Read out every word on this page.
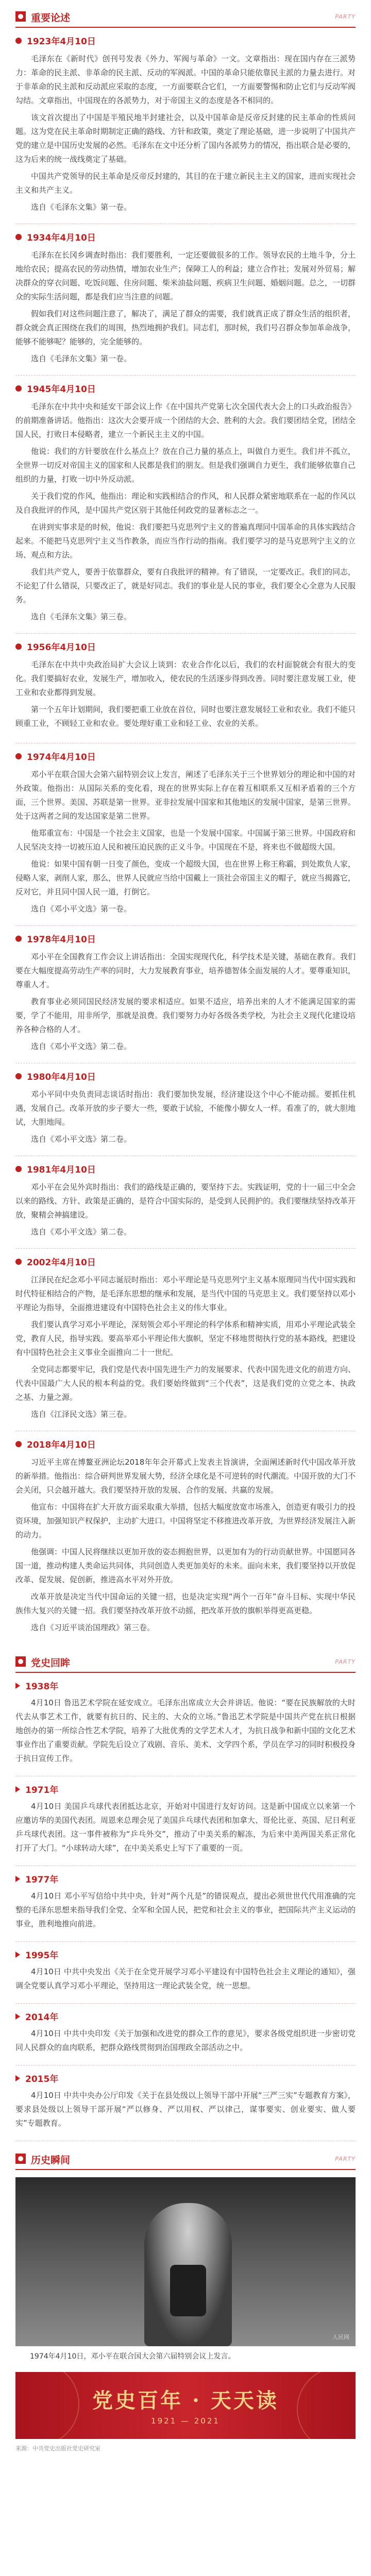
重要论述	PARTY
1923年4月10日

毛泽东在《新时代》创刊号发表《外力、军阀与革命》一文。文章指出：现在国内存在三派势力：革命的民主派、非革命的民主派、反动的军阀派。中国的革命只能依靠民主派的力量去进行。对于非革命的民主派和反动派应采取的态度，一方面要联合它们，一方面要警惕和防止它们与反动军阀勾结。文章指出，中国现在的各派势力，对于帝国主义的态度是各不相同的。

该文首次提出了中国是半殖民地半封建社会，以及中国革命是反帝反封建的民主革命的性质问题。这为党在民主革命时期制定正确的路线、方针和政策，奠定了理论基础，进一步说明了中国共产党的建立是中国历史发展的必然。毛泽东在文中还分析了国内各派势力的情况，指出联合是必要的，这为后来的统一战线奠定了基础。

中国共产党领导的民主革命是反帝反封建的，其目的在于建立新民主主义的国家，进而实现社会主义和共产主义。

选自《毛泽东文集》第一卷。

1934年4月10日

毛泽东在长冈乡调查时指出：我们要胜利，一定还要做很多的工作。领导农民的土地斗争，分土地给农民；提高农民的劳动热情，增加农业生产；保障工人的利益；建立合作社；发展对外贸易；解决群众的穿衣问题、吃饭问题、住房问题、柴米油盐问题、疾病卫生问题、婚姻问题。总之，一切群众的实际生活问题，都是我们应当注意的问题。

假如我们对这些问题注意了，解决了，满足了群众的需要，我们就真正成了群众生活的组织者，群众就会真正围绕在我们的周围，热烈地拥护我们。同志们，那时候，我们号召群众参加革命战争，能够不能够呢？能够的，完全能够的。

选自《毛泽东文集》第一卷。

1945年4月10日

毛泽东在中共中央和延安干部会议上作《在中国共产党第七次全国代表大会上的口头政治报告》的前期准备讲话。他指出：这次大会要开成一个团结的大会、胜利的大会。我们要团结全党，团结全国人民，打败日本侵略者，建立一个新民主主义的中国。

他说：我们的方针要放在什么基点上？放在自己力量的基点上，叫做自力更生。我们并不孤立，全世界一切反对帝国主义的国家和人民都是我们的朋友。但是我们强调自力更生，我们能够依靠自己组织的力量，打败一切中外反动派。

关于我们党的作风，他指出：理论和实践相结合的作风，和人民群众紧密地联系在一起的作风以及自我批评的作风，是中国共产党区别于其他任何政党的显著标志之一。

在讲到实事求是的时候，他说：我们要把马克思列宁主义的普遍真理同中国革命的具体实践结合起来。不能把马克思列宁主义当作教条，而应当作行动的指南。我们要学习的是马克思列宁主义的立场、观点和方法。

我们共产党人，要善于依靠群众，要有自我批评的精神。有了错误，一定要改正。我们的同志，不论犯了什么错误，只要改正了，就是好同志。我们的事业是人民的事业，我们要全心全意为人民服务。

选自《毛泽东文集》第三卷。

1956年4月10日

毛泽东在中共中央政治局扩大会议上谈到：农业合作化以后，我们的农村面貌就会有很大的变化。我们要搞好农业，发展生产，增加收入，使农民的生活逐步得到改善。同时要注意发展工业，使工业和农业都得到发展。

第一个五年计划期间，我们要把重工业放在首位，同时也要注意发展轻工业和农业。我们不能只顾重工业，不顾轻工业和农业。要处理好重工业和轻工业、农业的关系。

1974年4月10日

邓小平在联合国大会第六届特别会议上发言，阐述了毛泽东关于三个世界划分的理论和中国的对外政策。他指出：从国际关系的变化看，现在的世界实际上存在着互相联系又互相矛盾着的三个方面，三个世界。美国、苏联是第一世界。亚非拉发展中国家和其他地区的发展中国家，是第三世界。处于这两者之间的发达国家是第二世界。

他郑重宣布：中国是一个社会主义国家，也是一个发展中国家。中国属于第三世界。中国政府和人民坚决支持一切被压迫人民和被压迫民族的正义斗争。中国现在不是，将来也不做超级大国。

他说：如果中国有朝一日变了颜色，变成一个超级大国，也在世界上称王称霸，到处欺负人家，侵略人家，剥削人家，那么，世界人民就应当给中国戴上一顶社会帝国主义的帽子，就应当揭露它，反对它，并且同中国人民一道，打倒它。

选自《邓小平文选》第一卷。

1978年4月10日

邓小平在全国教育工作会议上讲话指出：全国实现现代化，科学技术是关键，基础在教育。我们要在大幅度提高劳动生产率的同时，大力发展教育事业，培养德智体全面发展的人才。要尊重知识，尊重人才。

教育事业必须同国民经济发展的要求相适应。如果不适应，培养出来的人才不能满足国家的需要，学了不能用，用非所学，那就是浪费。我们要努力办好各级各类学校，为社会主义现代化建设培养各种合格的人才。

选自《邓小平文选》第二卷。

1980年4月10日

邓小平同中央负责同志谈话时指出：我们要加快发展，经济建设这个中心不能动摇。要抓住机遇，发展自己。改革开放的步子要大一些，要敢于试验，不能像小脚女人一样。看准了的，就大胆地试，大胆地闯。

选自《邓小平文选》第二卷。

1981年4月10日

邓小平在会见外宾时指出：我们的路线是正确的，要坚持下去。实践证明，党的十一届三中全会以来的路线、方针、政策是正确的，是符合中国实际的，是受到人民拥护的。我们要继续坚持改革开放，聚精会神搞建设。

选自《邓小平文选》第二卷。

2002年4月10日

江泽民在纪念邓小平同志诞辰时指出：邓小平理论是马克思列宁主义基本原理同当代中国实践和时代特征相结合的产物，是毛泽东思想的继承和发展，是当代中国的马克思主义。我们要坚持以邓小平理论为指导，全面推进建设有中国特色社会主义的伟大事业。

我们要认真学习邓小平理论，深刻领会邓小平理论的科学体系和精神实质，用邓小平理论武装全党，教育人民，指导实践。要高举邓小平理论伟大旗帜，坚定不移地贯彻执行党的基本路线，把建设有中国特色社会主义事业全面推向二十一世纪。

全党同志都要牢记，我们党是代表中国先进生产力的发展要求、代表中国先进文化的前进方向、代表中国最广大人民的根本利益的党。我们要始终做到“三个代表”，这是我们党的立党之本、执政之基、力量之源。

选自《江泽民文选》第三卷。

2018年4月10日

习近平主席在博鳌亚洲论坛2018年年会开幕式上发表主旨演讲，全面阐述新时代中国改革开放的新举措。他指出：综合研判世界发展大势，经济全球化是不可逆转的时代潮流。中国开放的大门不会关闭，只会越开越大。我们要坚持开放的发展、合作的发展、共赢的发展。

他宣布：中国将在扩大开放方面采取重大举措，包括大幅度放宽市场准入，创造更有吸引力的投资环境，加强知识产权保护，主动扩大进口。中国将坚定不移推进改革开放，为世界经济发展注入新的动力。

他强调：中国人民将继续以更加开放的姿态拥抱世界，以更加有为的行动贡献世界。中国愿同各国一道，推动构建人类命运共同体，共同创造人类更加美好的未来。面向未来，我们要坚持以开放促改革、促发展、促创新，推进高水平对外开放。

改革开放是决定当代中国命运的关键一招，也是决定实现“两个一百年”奋斗目标、实现中华民族伟大复兴的关键一招。我们要坚持改革开放不动摇，把改革开放的旗帜举得更高更稳。

选自《习近平谈治国理政》第三卷。

党史回眸	PARTY
1938年

4月10日 鲁迅艺术学院在延安成立。毛泽东出席成立大会并讲话。他说：“要在民族解放的大时代去从事艺术工作，就要有抗日的、民主的、大众的立场。”鲁迅艺术学院是中国共产党在抗日根据地创办的第一所综合性艺术学院，培养了大批优秀的文学艺术人才，为抗日战争和新中国的文化艺术事业作出了重要贡献。学院先后设立了戏剧、音乐、美术、文学四个系，学员在学习的同时积极投身于抗日宣传工作。

1971年

4月10日 美国乒乓球代表团抵达北京，开始对中国进行友好访问。这是新中国成立以来第一个应邀访华的美国代表团。周恩来总理会见了美国乒乓球代表团和加拿大、哥伦比亚、英国、尼日利亚乒乓球代表团。这一事件被称为“乒乓外交”，推动了中美关系的解冻，为后来中美两国关系正常化打开了大门。“小球转动大球”，在中美关系史上写下了重要的一页。

1977年

4月10日 邓小平写信给中共中央，针对“两个凡是”的错误观点，提出必须世世代代用准确的完整的毛泽东思想来指导我们全党、全军和全国人民，把党和社会主义的事业，把国际共产主义运动的事业，胜利地推向前进。

1995年

4月10日 中共中央发出《关于在全党开展学习邓小平建设有中国特色社会主义理论的通知》，强调全党要认真学习邓小平理论，坚持用这一理论武装全党，统一思想。

2014年

4月10日 中共中央印发《关于加强和改进党的群众工作的意见》，要求各级党组织进一步密切党同人民群众的血肉联系，把群众路线贯彻到治国理政全部活动之中。

2015年

4月10日 中共中央办公厅印发《关于在县处级以上领导干部中开展“三严三实”专题教育方案》，要求县处级以上领导干部开展“严以修身、严以用权、严以律己，谋事要实、创业要实、做人要实”专题教育。

历史瞬间	PARTY
人民网
1974年4月10日，邓小平在联合国大会第六届特别会议上发言。
党史百年 · 天天读
1921 — 2021
来源：中共党史出版社党史研究室
